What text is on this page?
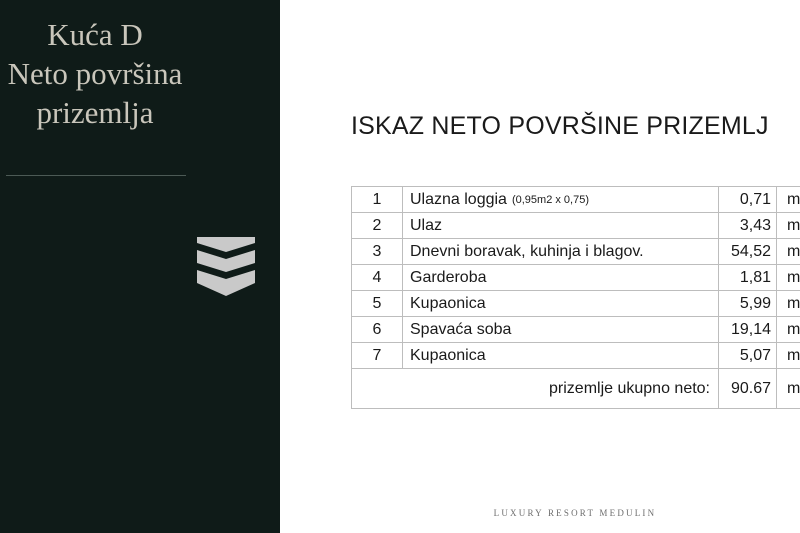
Kuća D
Neto površina
prizemlja	ISKAZ NETO POVRŠINE PRIZEMLJ
1	Ulazna loggia (0,95m2 x 0,75)	0,71	m
2	Ulaz	3,43	m
3	Dnevni boravak, kuhinja i blagov.	54,52	m
4	Garderoba	1,81	m
5	Kupaonica	5,99	m
6	Spavaća soba	19,14	m
7	Kupaonica	5,07	m
prizemlje ukupno neto:	90.67	m
LUXURY RESORT MEDULIN
